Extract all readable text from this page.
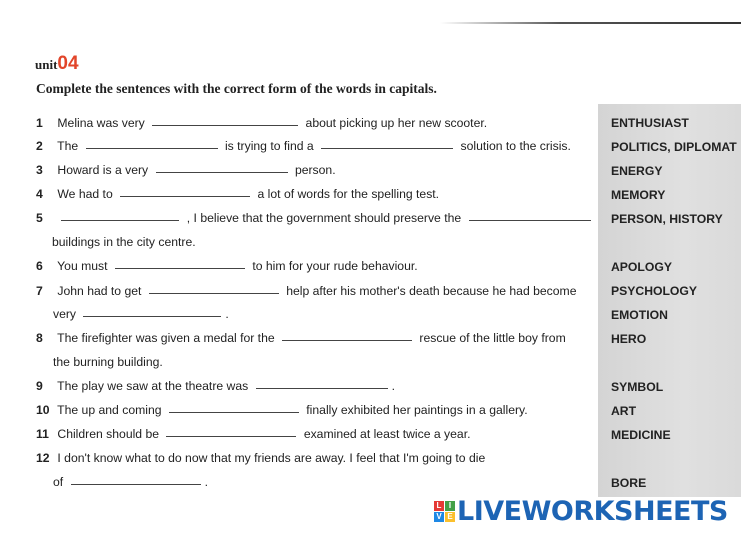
unit04
Complete the sentences with the correct form of the words in capitals.
1 Melina was very	about picking up her new scooter.
2 The	is trying to find a	solution to the crisis.
3 Howard is a very	person.
4 We had to	a lot of words for the spelling test.
5	, I believe that the government should preserve the
buildings in the city centre.
6 You must	to him for your rude behaviour.
7 John had to get	help after his mother's death because he had become
very	.
8 The firefighter was given a medal for the	rescue of the little boy from
the burning building.
9 The play we saw at the theatre was	.
10 The up and coming	finally exhibited her paintings in a gallery.
11 Children should be	examined at least twice a year.
12 I don't know what to do now that my friends are away. I feel that I'm going to die
of	.
ENTHUSIAST
POLITICS, DIPLOMAT
ENERGY
MEMORY
PERSON, HISTORY
APOLOGY
PSYCHOLOGY
EMOTION
HERO
SYMBOL
ART
MEDICINE
BORE
L I
V E LIVEWORKSHEETS
